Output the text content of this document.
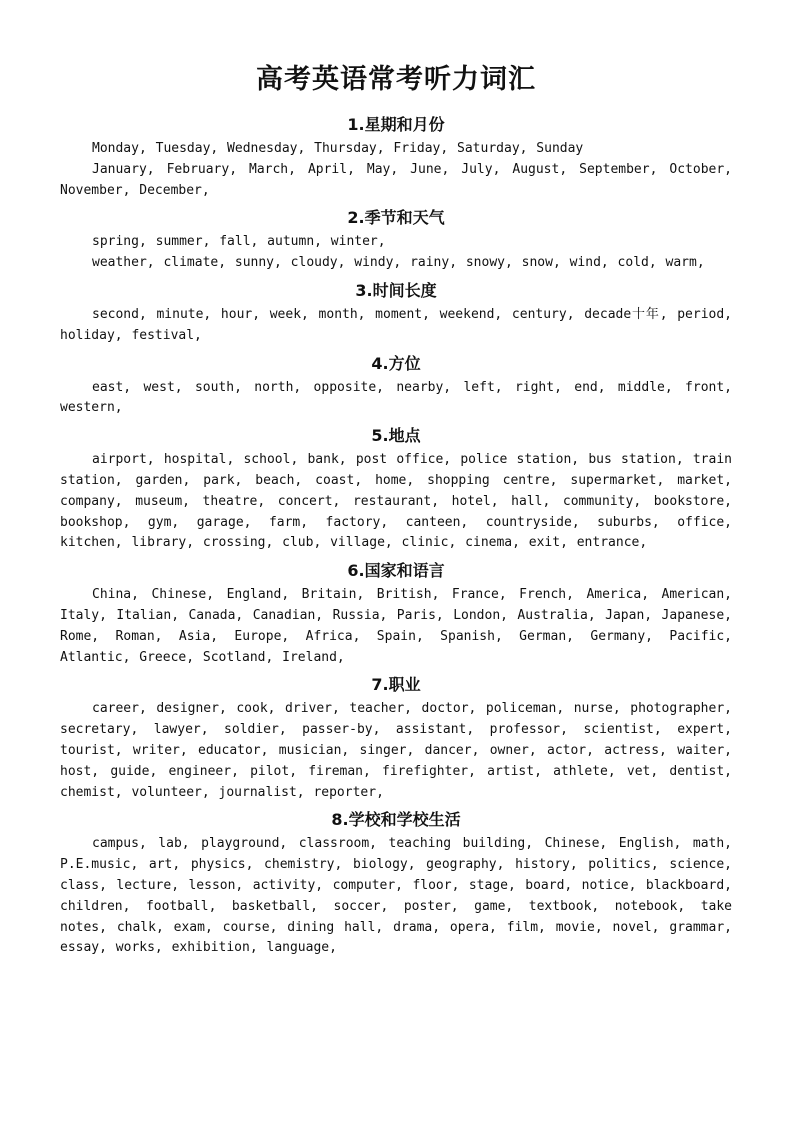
高考英语常考听力词汇
1.星期和月份

Monday, Tuesday, Wednesday, Thursday, Friday, Saturday, Sunday

January, February, March, April, May, June, July, August, September, October, November, December,

2.季节和天气

spring, summer, fall, autumn, winter,

weather, climate, sunny, cloudy, windy, rainy, snowy, snow, wind, cold, warm,

3.时间长度

second, minute, hour, week, month, moment, weekend, century, decade十年, period, holiday, festival,

4.方位

east, west, south, north, opposite, nearby, left, right, end, middle, front, western,

5.地点

airport, hospital, school, bank, post office, police station, bus station, train station, garden, park, beach, coast, home, shopping centre, supermarket, market, company, museum, theatre, concert, restaurant, hotel, hall, community, bookstore, bookshop, gym, garage, farm, factory, canteen, countryside, suburbs, office, kitchen, library, crossing, club, village, clinic, cinema, exit, entrance,

6.国家和语言

China, Chinese, England, Britain, British, France, French, America, American, Italy, Italian, Canada, Canadian, Russia, Paris, London, Australia, Japan, Japanese, Rome, Roman, Asia, Europe, Africa, Spain, Spanish, German, Germany, Pacific, Atlantic, Greece, Scotland, Ireland,

7.职业

career, designer, cook, driver, teacher, doctor, policeman, nurse, photographer, secretary, lawyer, soldier, passer-by, assistant, professor, scientist, expert, tourist, writer, educator, musician, singer, dancer, owner, actor, actress, waiter, host, guide, engineer, pilot, fireman, firefighter, artist, athlete, vet, dentist, chemist, volunteer, journalist, reporter,

8.学校和学校生活

campus, lab, playground, classroom, teaching building, Chinese, English, math, P.E.music, art, physics, chemistry, biology, geography, history, politics, science, class, lecture, lesson, activity, computer, floor, stage, board, notice, blackboard, children, football, basketball, soccer, poster, game, textbook, notebook, take notes, chalk, exam, course, dining hall, drama, opera, film, movie, novel, grammar, essay, works, exhibition, language,
